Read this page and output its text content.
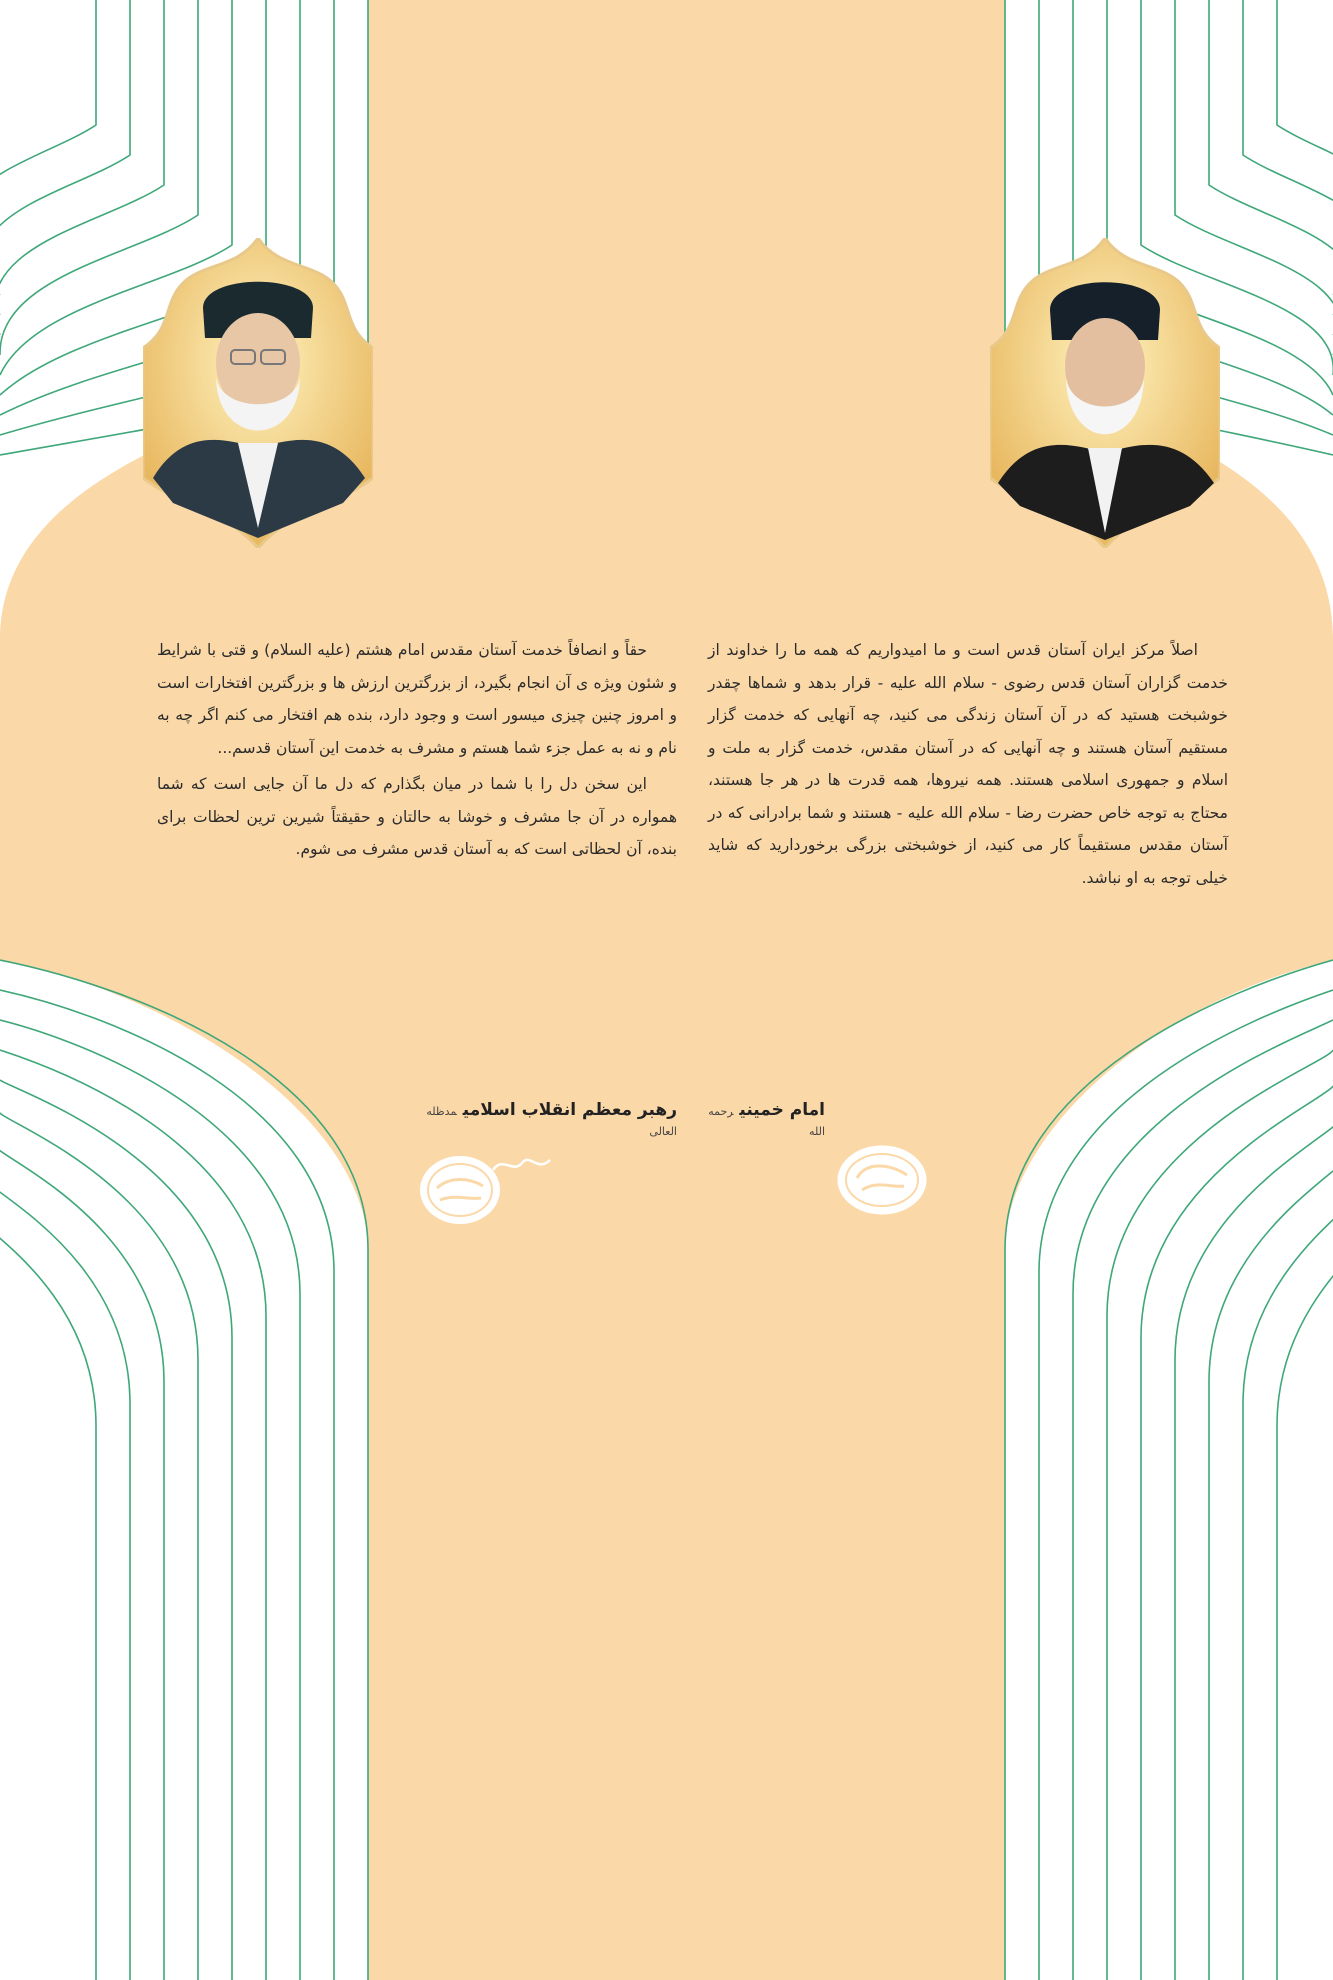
اصلاً مرکز ایران آستان قدس است و ما امیدواریم که همه ما را خداوند از خدمت گزاران آستان قدس رضوی - سلام الله علیه - قرار بدهد و شماها چقدر خوشبخت هستید که در آن آستان زندگی می کنید، چه آنهایی که خدمت گزار مستقیم آستان هستند و چه آنهایی که در آستان مقدس، خدمت گزار به ملت و اسلام و جمهوری اسلامی هستند. همه نیروها، همه قدرت ها در هر جا هستند، محتاج به توجه خاص حضرت رضا - سلام الله علیه - هستند و شما برادرانی که در آستان مقدس مستقیماً کار می کنید، از خوشبختی بزرگی برخوردارید که شاید خیلی توجه به او نباشد.

حقاً و انصافاً خدمت آستان مقدس امام هشتم (علیه السلام) و قتی با شرایط و شئون ویژه ی آن انجام بگیرد، از بزرگترین ارزش ها و بزرگترین افتخارات است و امروز چنین چیزی میسور است و وجود دارد، بنده هم افتخار می کنم اگر چه به نام و نه به عمل جزء شما هستم و مشرف به خدمت این آستان قدسم...

این سخن دل را با شما در میان بگذارم که دل ما آن جایی است که شما همواره در آن جا مشرف و خوشا به حالتان و حقیقتاً شیرین ترین لحظات برای بنده، آن لحظاتی است که به آستان قدس مشرف می شوم.

امام خمینیرحمه الله
رهبر معظم انقلاب اسلامیمدظله العالی
